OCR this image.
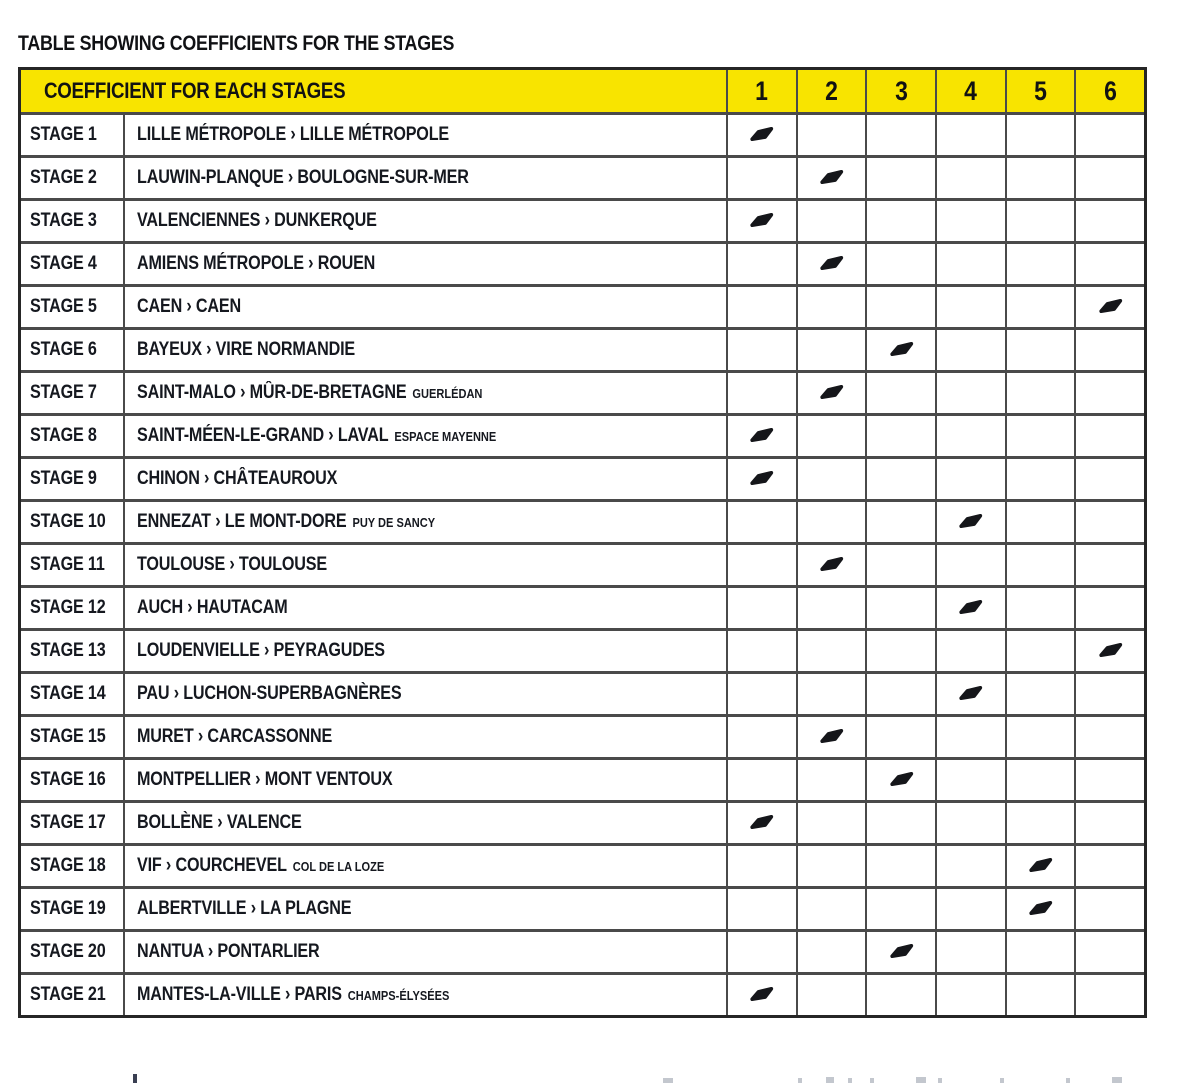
TABLE SHOWING COEFFICIENTS FOR THE STAGES
COEFFICIENT FOR EACH STAGES	1 2 3 4 5 6
STAGE 1 LILLE MÉTROPOLE › LILLE MÉTROPOLE
STAGE 2 LAUWIN-PLANQUE › BOULOGNE-SUR-MER
STAGE 3 VALENCIENNES › DUNKERQUE
STAGE 4 AMIENS MÉTROPOLE › ROUEN
STAGE 5 CAEN › CAEN
STAGE 6 BAYEUX › VIRE NORMANDIE
STAGE 7 SAINT-MALO › MÛR-DE-BRETAGNE GUERLÉDAN
STAGE 8 SAINT-MÉEN-LE-GRAND › LAVAL ESPACE MAYENNE
STAGE 9 CHINON › CHÂTEAUROUX
STAGE 10 ENNEZAT › LE MONT-DORE PUY DE SANCY
STAGE 11 TOULOUSE › TOULOUSE
STAGE 12 AUCH › HAUTACAM
STAGE 13 LOUDENVIELLE › PEYRAGUDES
STAGE 14 PAU › LUCHON-SUPERBAGNÈRES
STAGE 15 MURET › CARCASSONNE
STAGE 16 MONTPELLIER › MONT VENTOUX
STAGE 17 BOLLÈNE › VALENCE
STAGE 18 VIF › COURCHEVEL COL DE LA LOZE
STAGE 19 ALBERTVILLE › LA PLAGNE
STAGE 20 NANTUA › PONTARLIER
STAGE 21 MANTES-LA-VILLE › PARIS CHAMPS-ÉLYSÉES
